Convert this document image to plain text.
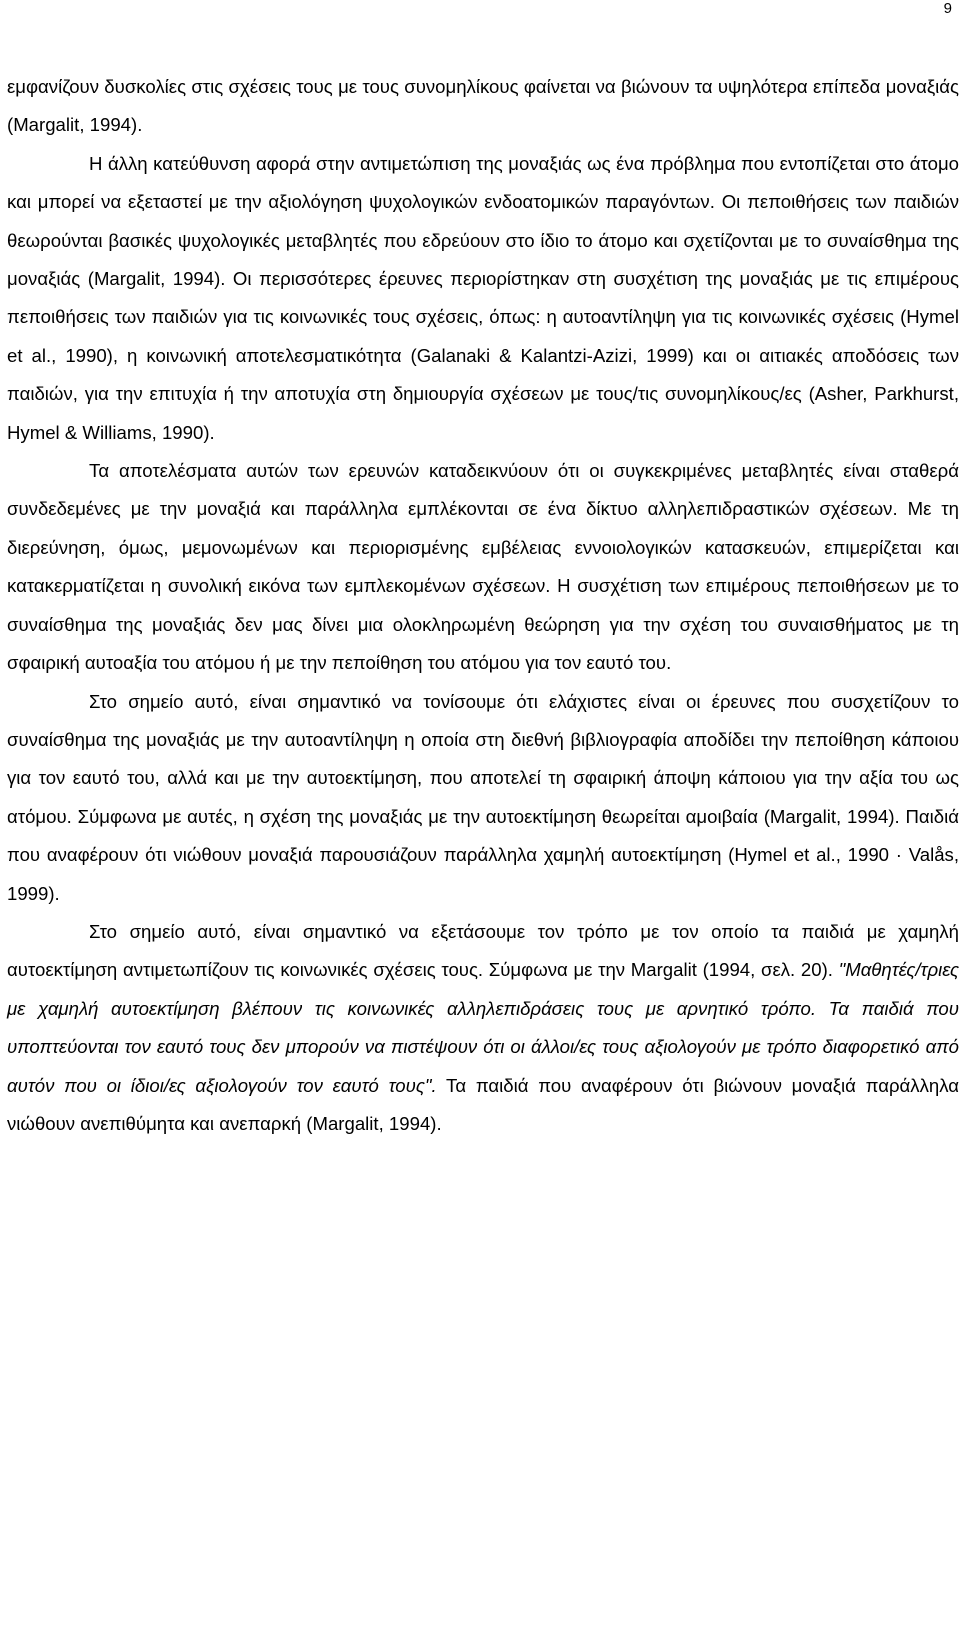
9

εμφανίζουν δυσκολίες στις σχέσεις τους με τους συνομηλίκους φαίνεται να βιώνουν τα υψηλότερα επίπεδα μοναξιάς (Margalit, 1994).

Η άλλη κατεύθυνση αφορά στην αντιμετώπιση της μοναξιάς ως ένα πρόβλημα που εντοπίζεται στο άτομο και μπορεί να εξεταστεί με την αξιολόγηση ψυχολογικών ενδοατομικών παραγόντων. Οι πεποιθήσεις των παιδιών θεωρούνται βασικές ψυχολογικές μεταβλητές που εδρεύουν στο ίδιο το άτομο και σχετίζονται με το συναίσθημα της μοναξιάς (Margalit, 1994). Οι περισσότερες έρευνες περιορίστηκαν στη συσχέτιση της μοναξιάς με τις επιμέρους πεποιθήσεις των παιδιών για τις κοινωνικές τους σχέσεις, όπως: η αυτοαντίληψη για τις κοινωνικές σχέσεις (Hymel et al., 1990), η κοινωνική αποτελεσματικότητα (Galanaki & Kalantzi-Azizi, 1999) και οι αιτιακές αποδόσεις των παιδιών, για την επιτυχία ή την αποτυχία στη δημιουργία σχέσεων με τους/τις συνομηλίκους/ες (Asher, Parkhurst, Hymel & Williams, 1990).

Τα αποτελέσματα αυτών των ερευνών καταδεικνύουν ότι οι συγκεκριμένες μεταβλητές είναι σταθερά συνδεδεμένες με την μοναξιά και παράλληλα εμπλέκονται σε ένα δίκτυο αλληλεπιδραστικών σχέσεων. Με τη διερεύνηση, όμως, μεμονωμένων και περιορισμένης εμβέλειας εννοιολογικών κατασκευών, επιμερίζεται και κατακερματίζεται η συνολική εικόνα των εμπλεκομένων σχέσεων. Η συσχέτιση των επιμέρους πεποιθήσεων με το συναίσθημα της μοναξιάς δεν μας δίνει μια ολοκληρωμένη θεώρηση για την σχέση του συναισθήματος με τη σφαιρική αυτοαξία του ατόμου ή με την πεποίθηση του ατόμου για τον εαυτό του.

Στο σημείο αυτό, είναι σημαντικό να τονίσουμε ότι ελάχιστες είναι οι έρευνες που συσχετίζουν το συναίσθημα της μοναξιάς με την αυτοαντίληψη η οποία στη διεθνή βιβλιογραφία αποδίδει την πεποίθηση κάποιου για τον εαυτό του, αλλά και με την αυτοεκτίμηση, που αποτελεί τη σφαιρική άποψη κάποιου για την αξία του ως ατόμου. Σύμφωνα με αυτές, η σχέση της μοναξιάς με την αυτοεκτίμηση θεωρείται αμοιβαία (Margalit, 1994). Παιδιά που αναφέρουν ότι νιώθουν μοναξιά παρουσιάζουν παράλληλα χαμηλή αυτοεκτίμηση (Hymel et al., 1990 · Valås, 1999).

Στο σημείο αυτό, είναι σημαντικό να εξετάσουμε τον τρόπο με τον οποίο τα παιδιά με χαμηλή αυτοεκτίμηση αντιμετωπίζουν τις κοινωνικές σχέσεις τους. Σύμφωνα με την Margalit (1994, σελ. 20). "Μαθητές/τριες με χαμηλή αυτοεκτίμηση βλέπουν τις κοινωνικές αλληλεπιδράσεις τους με αρνητικό τρόπο. Τα παιδιά που υποπτεύονται τον εαυτό τους δεν μπορούν να πιστέψουν ότι οι άλλοι/ες τους αξιολογούν με τρόπο διαφορετικό από αυτόν που οι ίδιοι/ες αξιολογούν τον εαυτό τους". Τα παιδιά που αναφέρουν ότι βιώνουν μοναξιά παράλληλα νιώθουν ανεπιθύμητα και ανεπαρκή (Margalit, 1994).
